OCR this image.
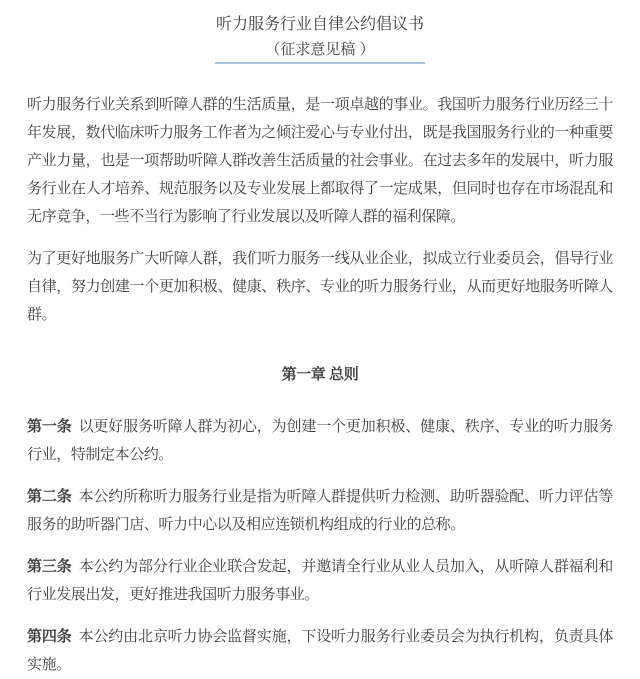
听力服务行业自律公约倡议书
（征求意见稿 ）

听力服务行业关系到听障人群的生活质量，是一项卓越的事业。我国听力服务行业历经三十年发展，数代临床听力服务工作者为之倾注爱心与专业付出，既是我国服务行业的一种重要产业力量，也是一项帮助听障人群改善生活质量的社会事业。在过去多年的发展中，听力服务行业在人才培养、规范服务以及专业发展上都取得了一定成果，但同时也存在市场混乱和无序竞争，一些不当行为影响了行业发展以及听障人群的福利保障。

为了更好地服务广大听障人群，我们听力服务一线从业企业，拟成立行业委员会，倡导行业自律，努力创建一个更加积极、健康、秩序、专业的听力服务行业，从而更好地服务听障人群。

第一章 总则

第一条 以更好服务听障人群为初心，为创建一个更加积极、健康、秩序、专业的听力服务行业，特制定本公约。

第二条 本公约所称听力服务行业是指为听障人群提供听力检测、助听器验配、听力评估等服务的助听器门店、听力中心以及相应连锁机构组成的行业的总称。

第三条 本公约为部分行业企业联合发起，并邀请全行业从业人员加入，从听障人群福利和行业发展出发，更好推进我国听力服务事业。

第四条 本公约由北京听力协会监督实施，下设听力服务行业委员会为执行机构，负责具体实施。
